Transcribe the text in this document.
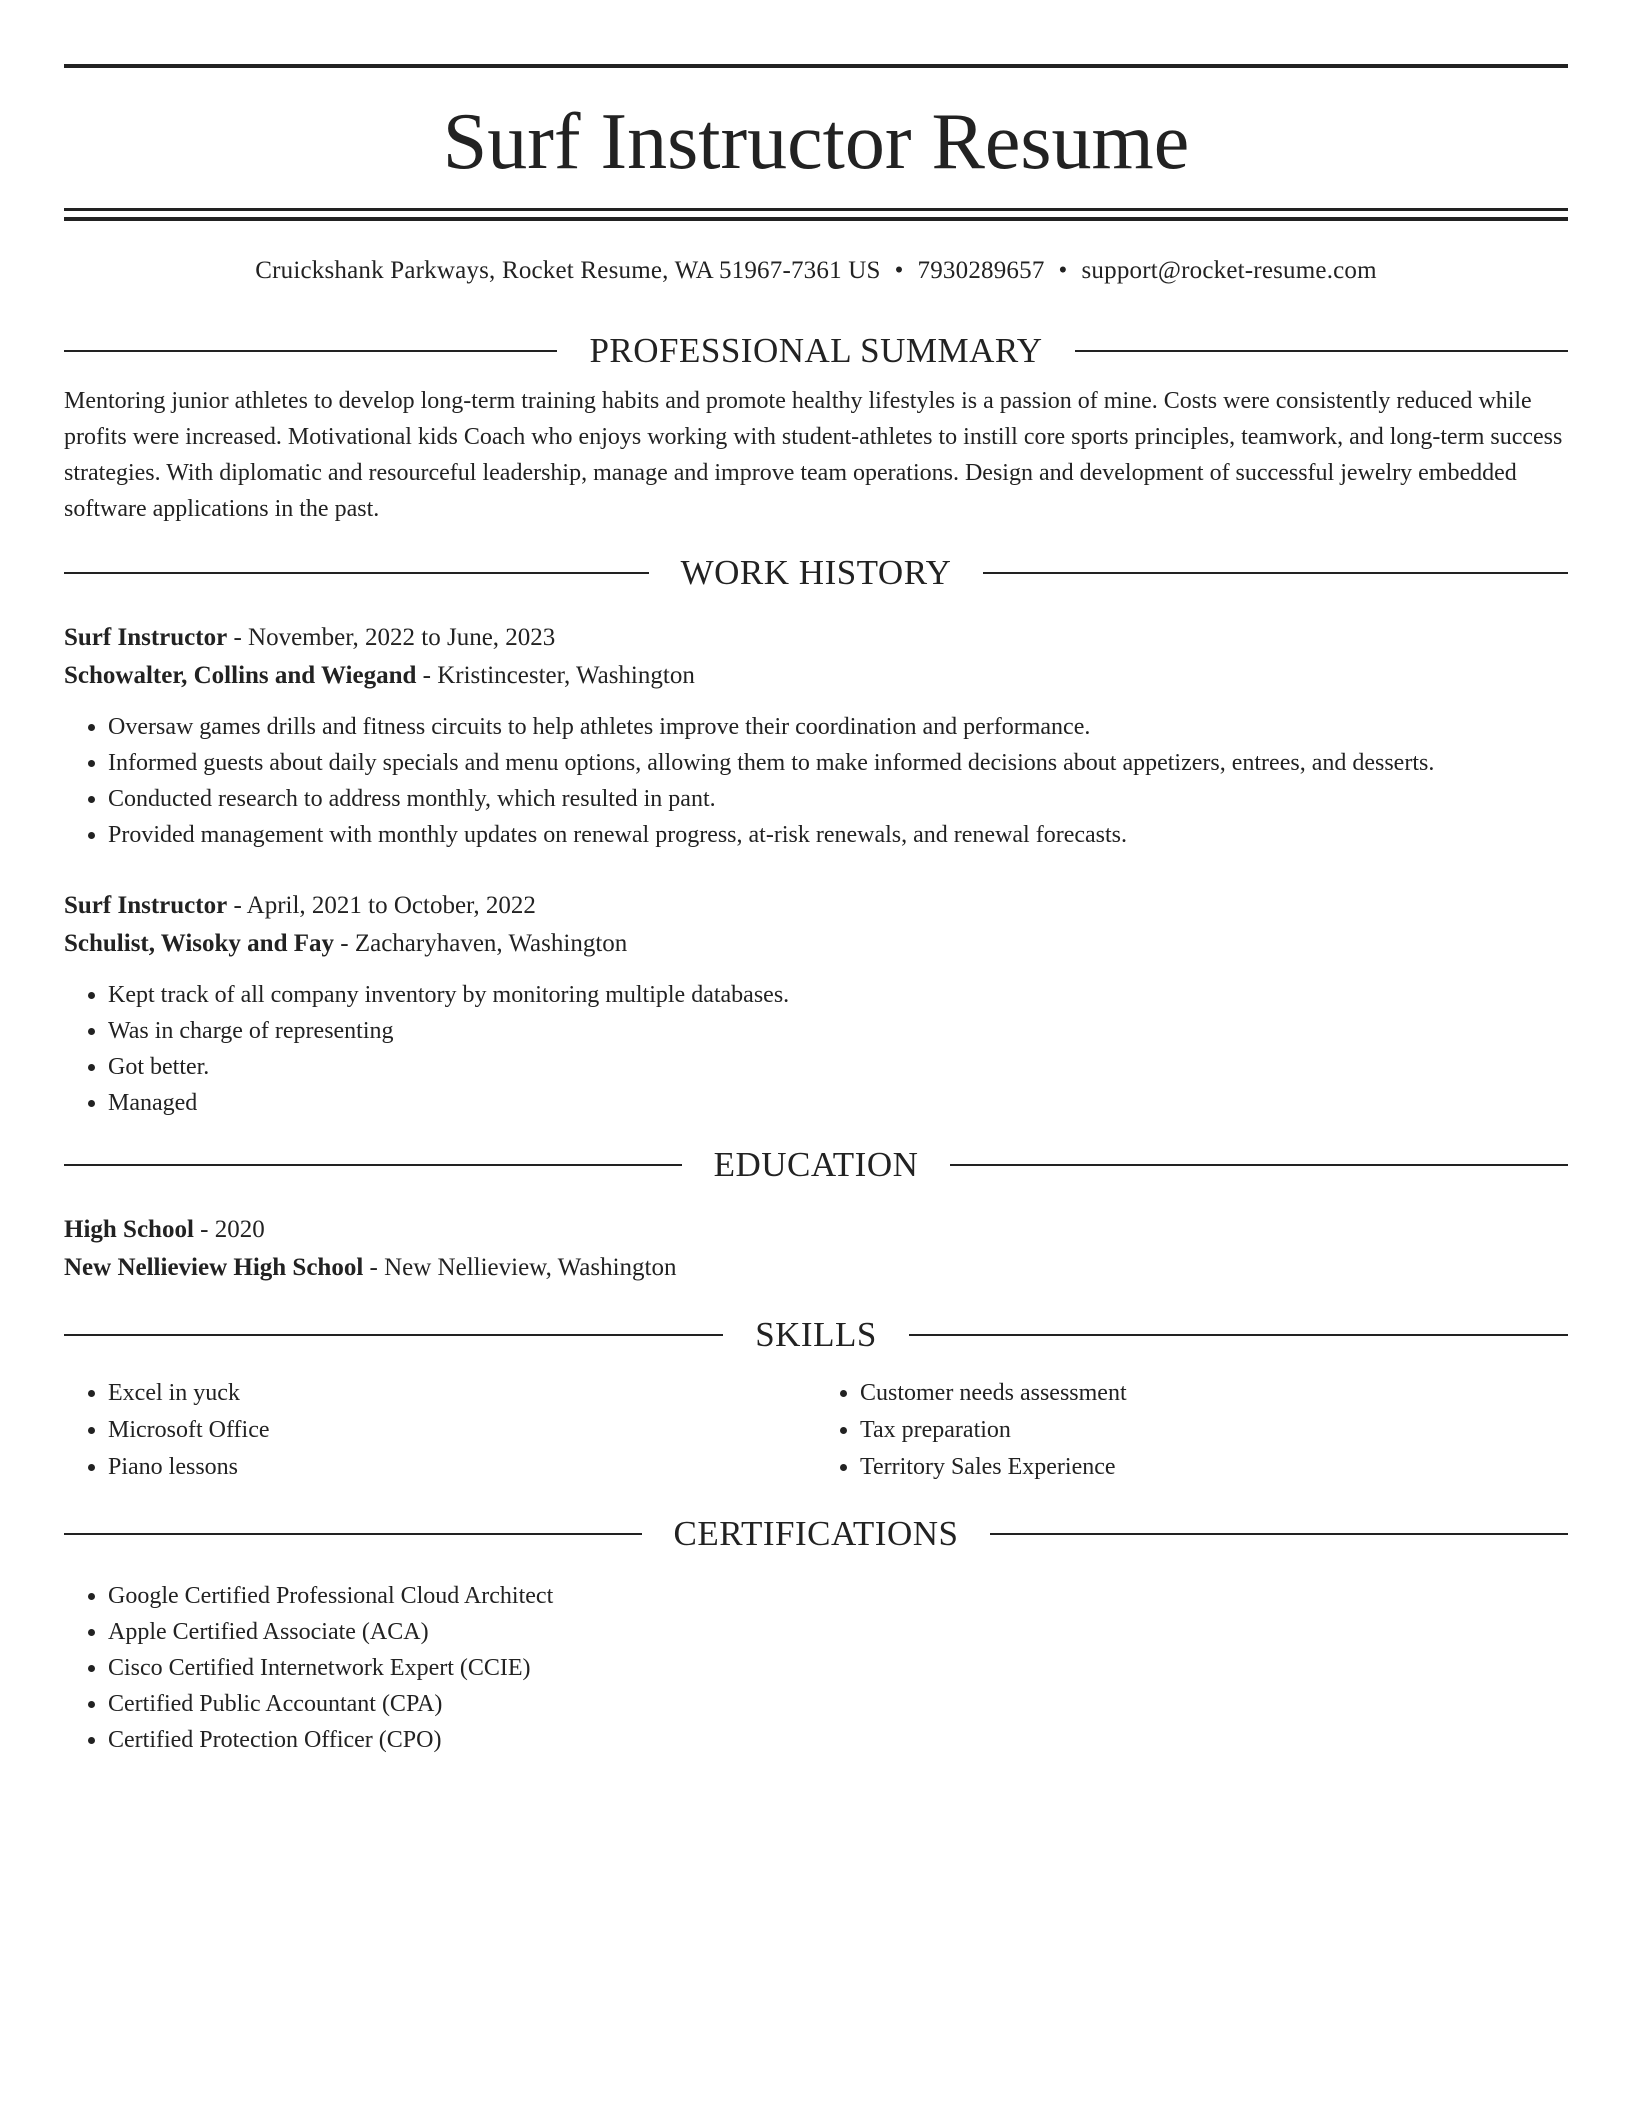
Surf Instructor Resume
Cruickshank Parkways, Rocket Resume, WA 51967-7361 US • 7930289657 • support@rocket-resume.com
PROFESSIONAL SUMMARY
Mentoring junior athletes to develop long-term training habits and promote healthy lifestyles is a passion of mine. Costs were consistently reduced while profits were increased. Motivational kids Coach who enjoys working with student-athletes to instill core sports principles, teamwork, and long-term success strategies. With diplomatic and resourceful leadership, manage and improve team operations. Design and development of successful jewelry embedded software applications in the past.
WORK HISTORY
Surf Instructor - November, 2022 to June, 2023
Schowalter, Collins and Wiegand - Kristincester, Washington
• Oversaw games drills and fitness circuits to help athletes improve their coordination and performance.
• Informed guests about daily specials and menu options, allowing them to make informed decisions about appetizers, entrees, and desserts.
• Conducted research to address monthly, which resulted in pant.
• Provided management with monthly updates on renewal progress, at-risk renewals, and renewal forecasts.
Surf Instructor - April, 2021 to October, 2022
Schulist, Wisoky and Fay - Zacharyhaven, Washington
• Kept track of all company inventory by monitoring multiple databases.
• Was in charge of representing
• Got better.
• Managed
EDUCATION
High School - 2020
New Nellieview High School - New Nellieview, Washington
SKILLS
• Excel in yuck
• Microsoft Office
• Piano lessons
• Customer needs assessment
• Tax preparation
• Territory Sales Experience
CERTIFICATIONS
• Google Certified Professional Cloud Architect
• Apple Certified Associate (ACA)
• Cisco Certified Internetwork Expert (CCIE)
• Certified Public Accountant (CPA)
• Certified Protection Officer (CPO)
